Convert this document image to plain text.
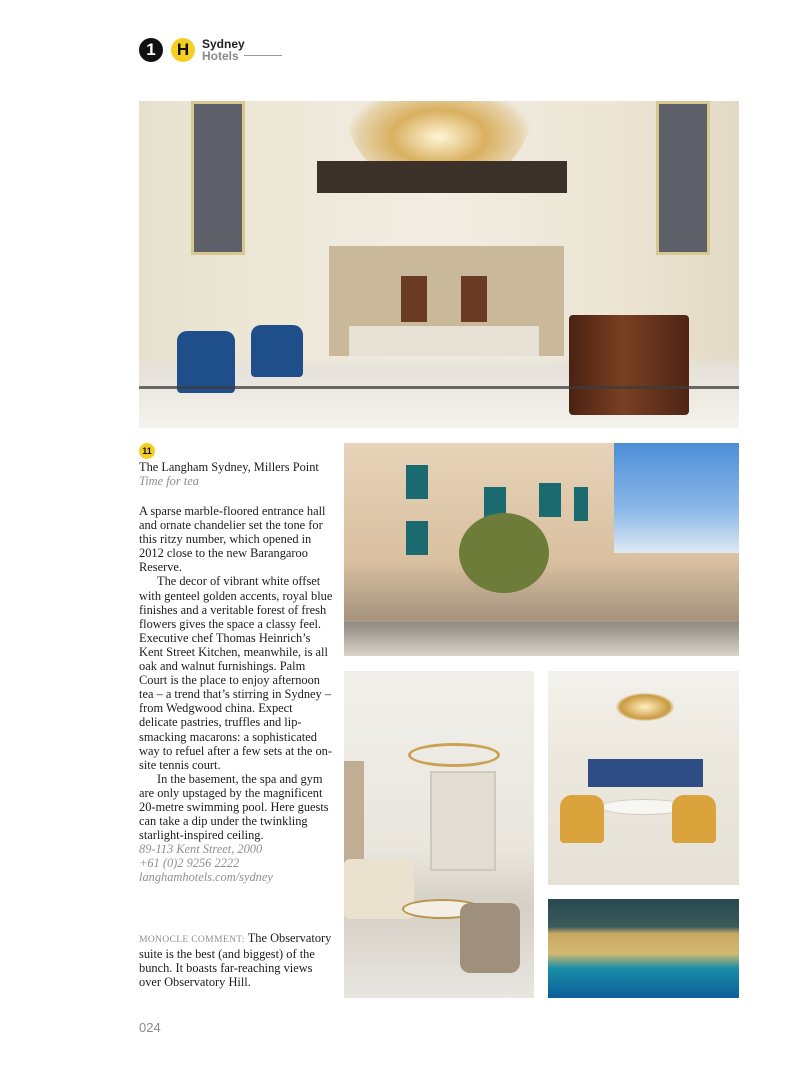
1	H	Sydney
Hotels
11
The Langham Sydney, Millers Point
Time for tea

A sparse marble-floored entrance hall and ornate chandelier set the tone for this ritzy number, which opened in 2012 close to the new Barangaroo Reserve.

The decor of vibrant white offset with genteel golden accents, royal blue finishes and a veritable forest of fresh flowers gives the space a classy feel. Executive chef Thomas Heinrich’s Kent Street Kitchen, meanwhile, is all oak and walnut furnishings. Palm Court is the place to enjoy afternoon tea – a trend that’s stirring in Sydney – from Wedgwood china. Expect delicate pastries, truffles and lip-smacking macarons: a sophisticated way to refuel after a few sets at the on-site tennis court.

In the basement, the spa and gym are only upstaged by the magnificent 20-metre swimming pool. Here guests can take a dip under the twinkling starlight-inspired ceiling.

89-113 Kent Street, 2000
+61 (0)2 9256 2222
langhamhotels.com/sydney
MONOCLE COMMENT: The Observatory suite is the best (and biggest) of the bunch. It boasts far-reaching views over Observatory Hill.
024
